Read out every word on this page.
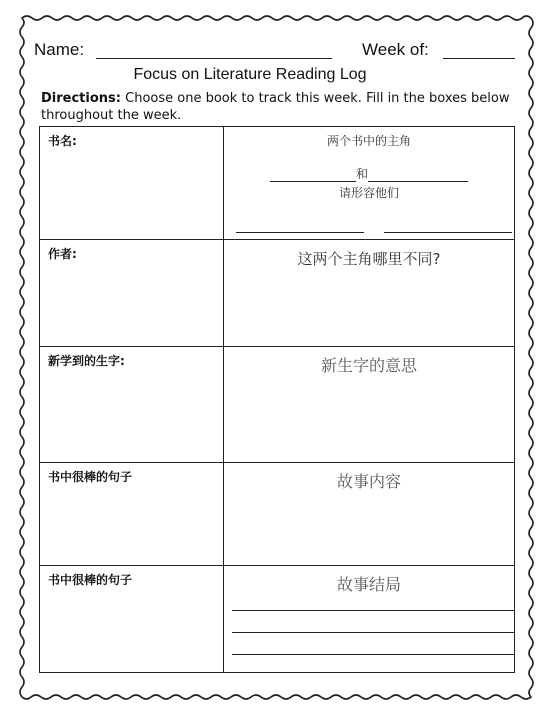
Name:	Week of:
Focus on Literature Reading Log
Directions: Choose one book to track this week. Fill in the boxes below throughout the week.
书名:	两个书中的主角
和
请形容他们

作者:	这两个主角哪里不同?

新学到的生字:	新生字的意思

书中很棒的句子	故事内容

书中很棒的句子	故事结局
